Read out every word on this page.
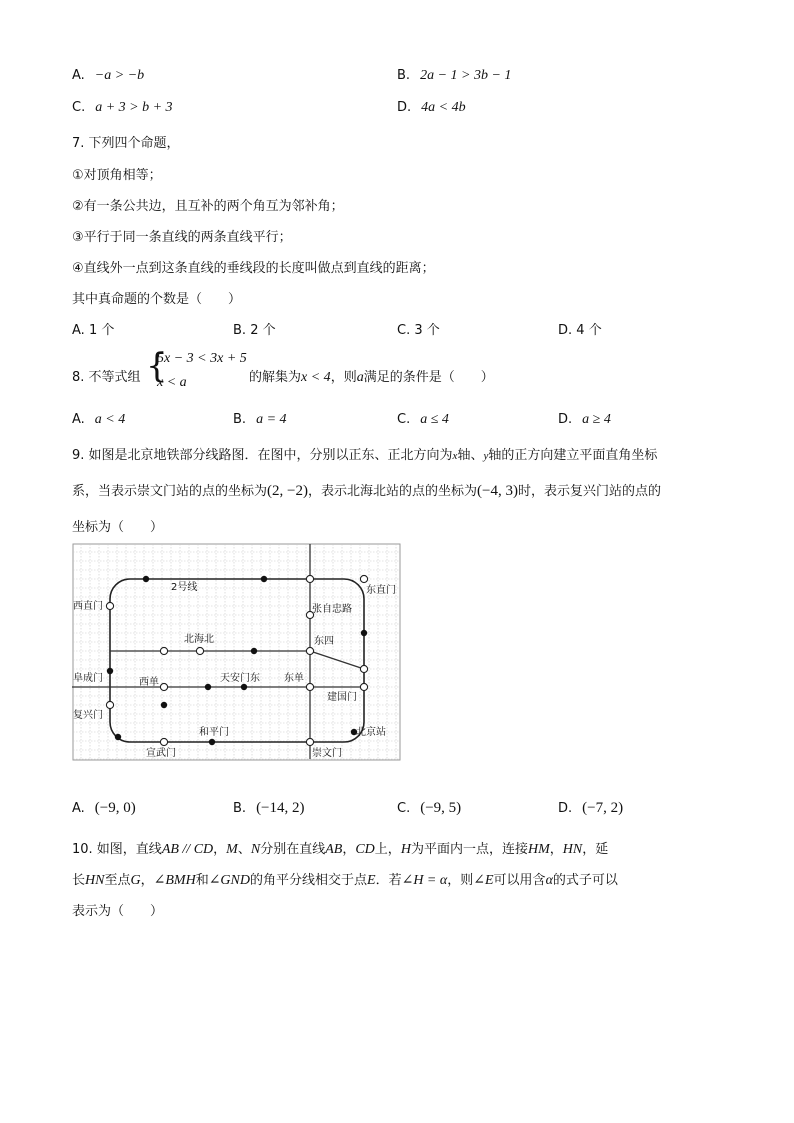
A. −a > −b	B. 2a − 1 > 3b − 1
C. a + 3 > b + 3	D. 4a < 4b
7. 下列四个命题，
①对顶角相等；
②有一条公共边，且互补的两个角互为邻补角；
③平行于同一条直线的两条直线平行；
④直线外一点到这条直线的垂线段的长度叫做点到直线的距离；
其中真命题的个数是（　　）
A. 1 个	B. 2 个	C. 3 个	D. 4 个
8. 不等式组 {
5x − 3 < 3x + 5
x < a	的解集为x < 4，则a满足的条件是（　　）
A. a < 4	B. a = 4	C. a ≤ 4	D. a ≥ 4
9. 如图是北京地铁部分线路图．在图中，分别以正东、正北方向为x轴、y轴的正方向建立平面直角坐标
系，当表示崇文门站的点的坐标为(2, −2)，表示北海北站的点的坐标为(−4, 3)时，表示复兴门站的点的
坐标为（　　）
2号线	东直门
西直门	张自忠路
北海北	东四
阜成门	西单	天安门东 东单
建国门
复兴门
和平门	北京站
宣武门	崇文门
A. (−9, 0)	B. (−14, 2)	C. (−9, 5)	D. (−7, 2)
10. 如图，直线AB // CD，M、N分别在直线AB，CD上，H为平面内一点，连接HM，HN，延
长HN至点G，∠BMH和∠GND的角平分线相交于点E．若∠H = α，则∠E可以用含α的式子可以
表示为（　　）
